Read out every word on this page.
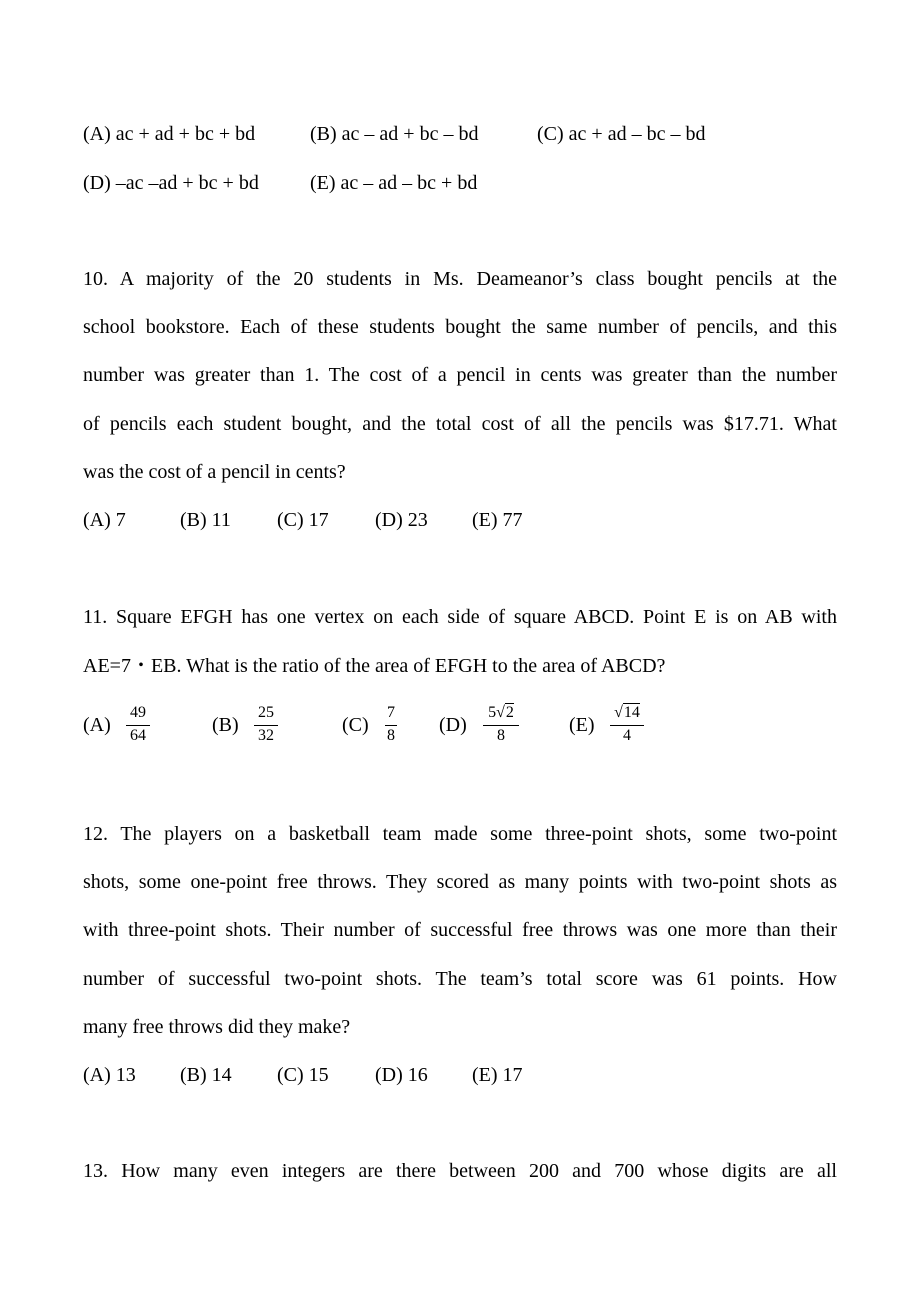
(A) ac + ad + bc + bd	(B) ac – ad + bc – bd	(C) ac + ad – bc – bd
(D) –ac –ad + bc + bd	(E) ac – ad – bc + bd
10. A majority of the 20 students in Ms. Deameanor’s class bought pencils at the
school bookstore. Each of these students bought the same number of pencils, and this
number was greater than 1. The cost of a pencil in cents was greater than the number
of pencils each student bought, and the total cost of all the pencils was $17.71. What
was the cost of a pencil in cents?
(A) 7	(B) 11 (C) 17 (D) 23 (E) 77
11. Square EFGH has one vertex on each side of square ABCD. Point E is on AB with
AE=7・EB. What is the ratio of the area of EFGH to the area of ABCD?
(A)
49
64	(B)
25
32	(C)
7
8	(D)
5√2
8	(E)
√14
4
12. The players on a basketball team made some three-point shots, some two-point
shots, some one-point free throws. They scored as many points with two-point shots as
with three-point shots. Their number of successful free throws was one more than their
number of successful two-point shots. The team’s total score was 61 points. How
many free throws did they make?
(A) 13 (B) 14 (C) 15 (D) 16 (E) 17
13. How many even integers are there between 200 and 700 whose digits are all
